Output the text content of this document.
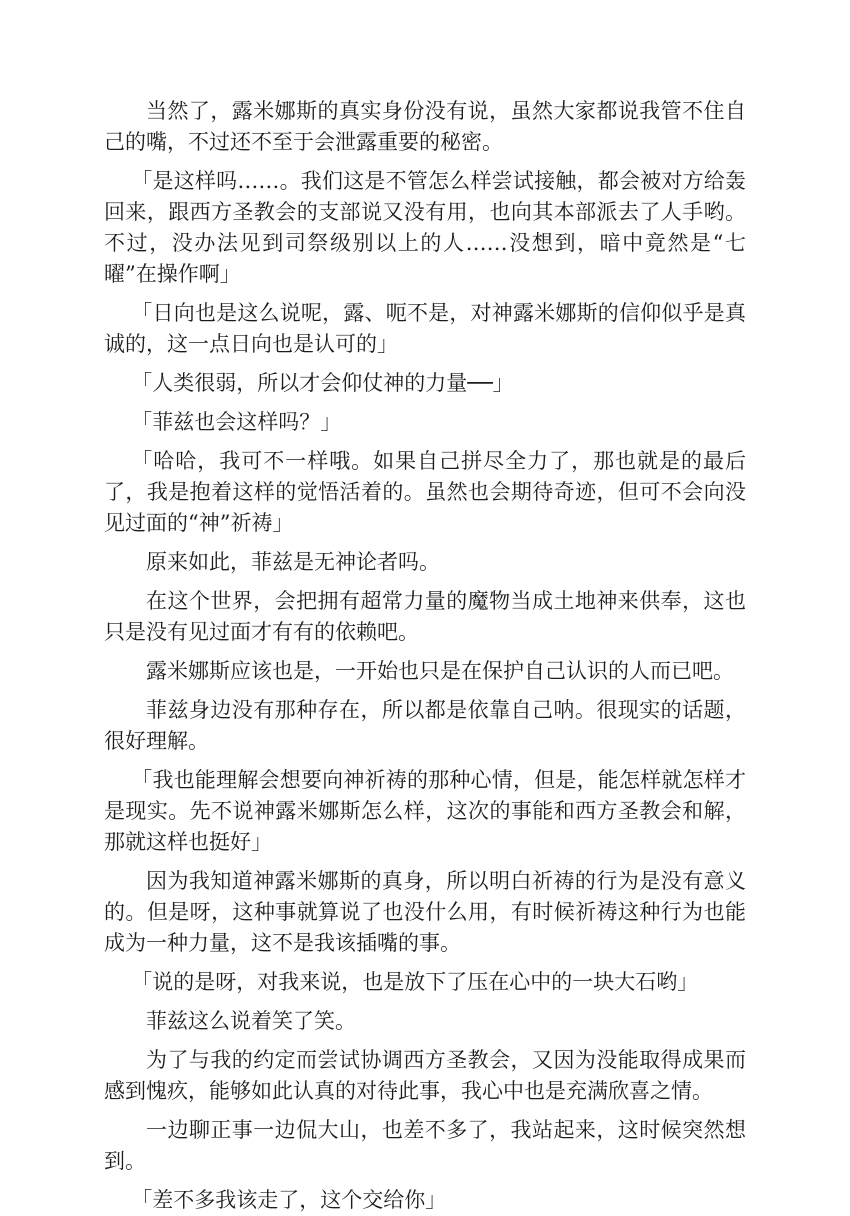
当然了，露米娜斯的真实身份没有说，虽然大家都说我管不住自己的嘴，不过还不至于会泄露重要的秘密。

「是这样吗……。我们这是不管怎么样尝试接触，都会被对方给轰回来，跟西方圣教会的支部说又没有用，也向其本部派去了人手哟。不过，没办法见到司祭级别以上的人……没想到，暗中竟然是“七曜”在操作啊」

「日向也是这么说呢，露、呃不是，对神露米娜斯的信仰似乎是真诚的，这一点日向也是认可的」

「人类很弱，所以才会仰仗神的力量──」

「菲兹也会这样吗？」

「哈哈，我可不一样哦。如果自己拼尽全力了，那也就是的最后了，我是抱着这样的觉悟活着的。虽然也会期待奇迹，但可不会向没见过面的“神”祈祷」

原来如此，菲兹是无神论者吗。

在这个世界，会把拥有超常力量的魔物当成土地神来供奉，这也只是没有见过面才有有的依赖吧。

露米娜斯应该也是，一开始也只是在保护自己认识的人而已吧。

菲兹身边没有那种存在，所以都是依靠自己呐。很现实的话题，很好理解。

「我也能理解会想要向神祈祷的那种心情，但是，能怎样就怎样才是现实。先不说神露米娜斯怎么样，这次的事能和西方圣教会和解，那就这样也挺好」

因为我知道神露米娜斯的真身，所以明白祈祷的行为是没有意义的。但是呀，这种事就算说了也没什么用，有时候祈祷这种行为也能成为一种力量，这不是我该插嘴的事。

「说的是呀，对我来说，也是放下了压在心中的一块大石哟」

菲兹这么说着笑了笑。

为了与我的约定而尝试协调西方圣教会，又因为没能取得成果而感到愧疚，能够如此认真的对待此事，我心中也是充满欣喜之情。

一边聊正事一边侃大山，也差不多了，我站起来，这时候突然想到。

「差不多我该走了，这个交给你」
